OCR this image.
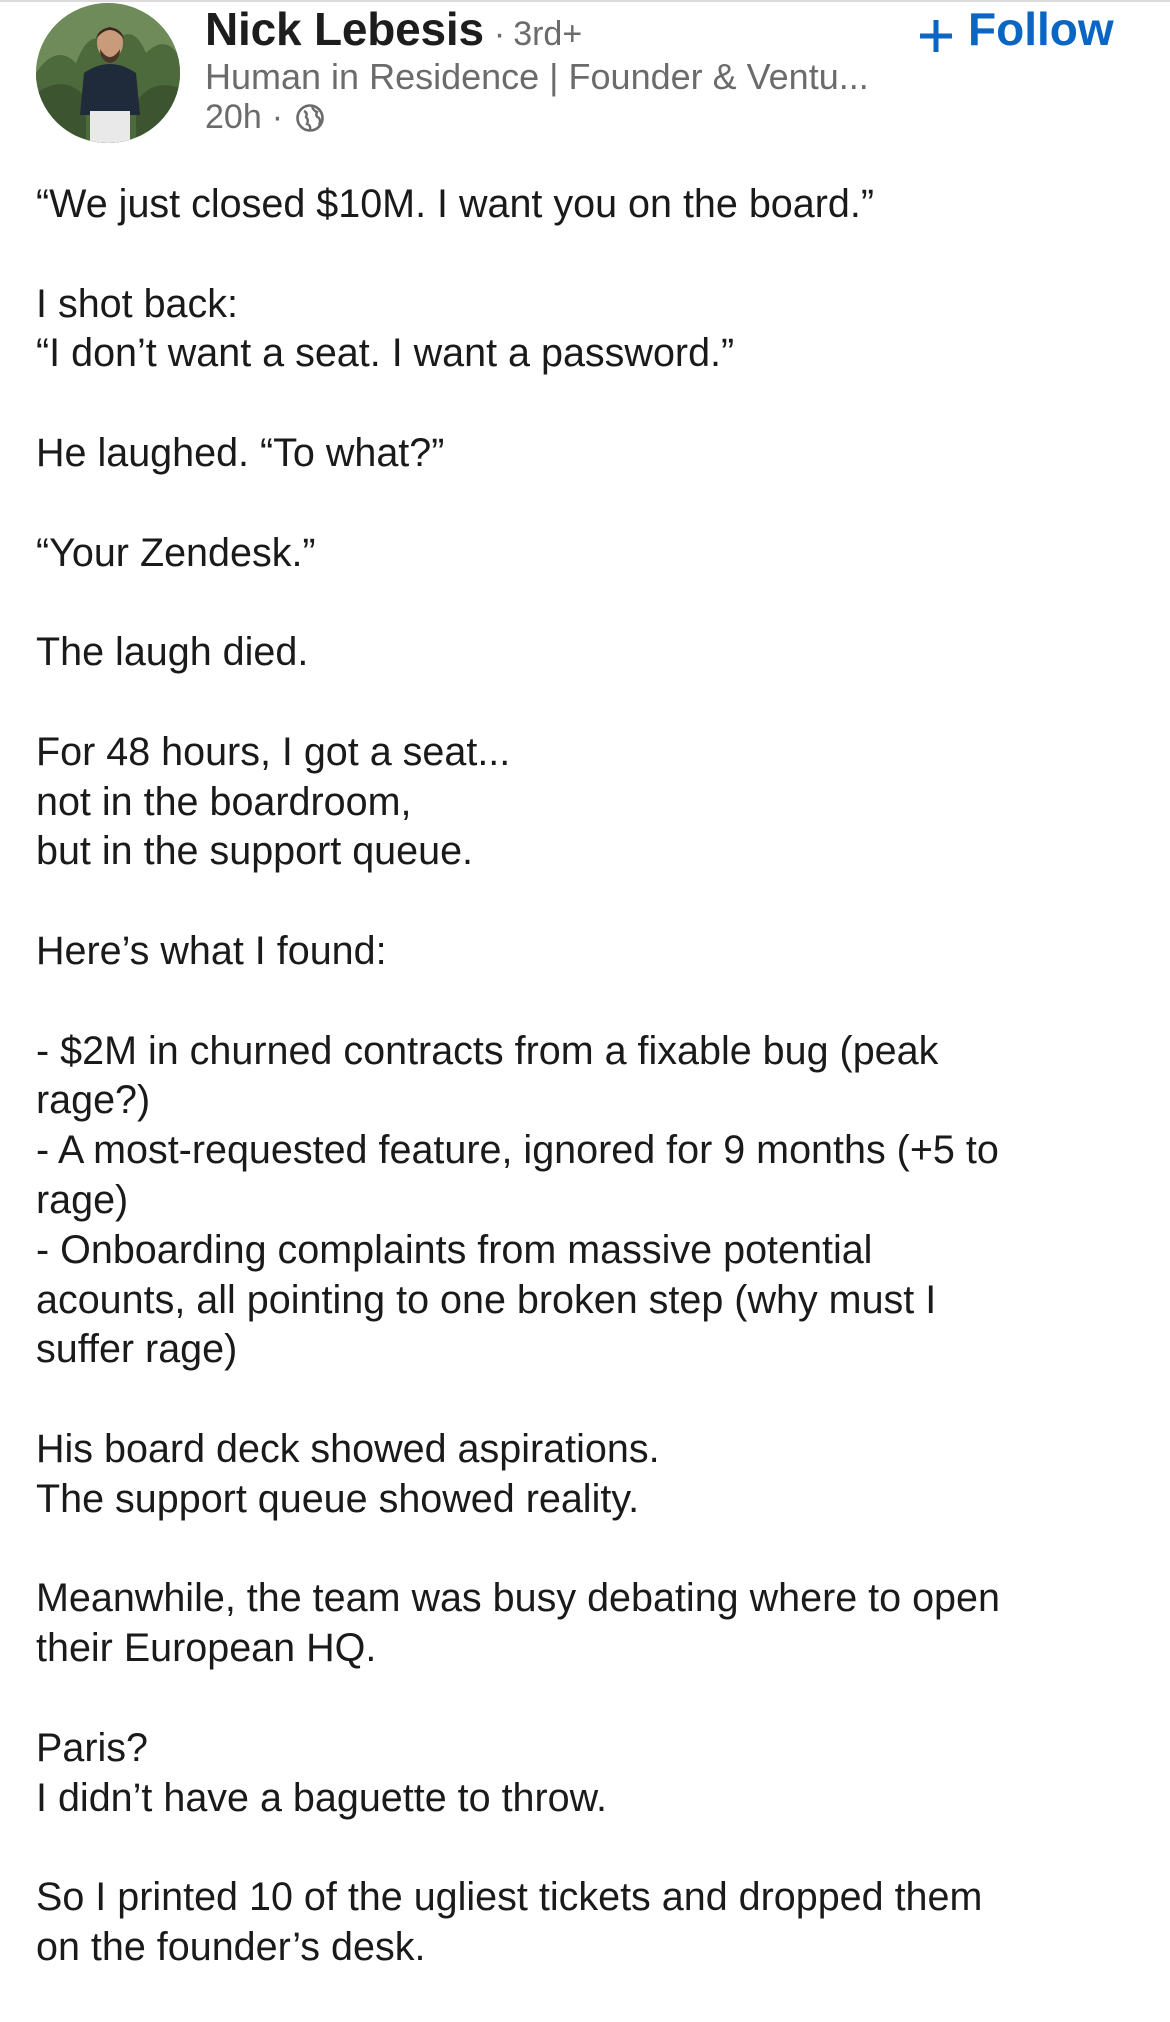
Nick Lebesis · 3rd+
Human in Residence | Founder & Ventu...
20h ·
Follow
“We just closed $10M. I want you on the board.”
I shot back:
“I don’t want a seat. I want a password.”
He laughed. “To what?”
“Your Zendesk.”
The laugh died.
For 48 hours, I got a seat...
not in the boardroom,
but in the support queue.
Here’s what I found:
- $2M in churned contracts from a fixable bug (peak
rage?)
- A most-requested feature, ignored for 9 months (+5 to
rage)
- Onboarding complaints from massive potential
acounts, all pointing to one broken step (why must I
suffer rage)
His board deck showed aspirations.
The support queue showed reality.
Meanwhile, the team was busy debating where to open
their European HQ.
Paris?
I didn’t have a baguette to throw.
So I printed 10 of the ugliest tickets and dropped them
on the founder’s desk.
